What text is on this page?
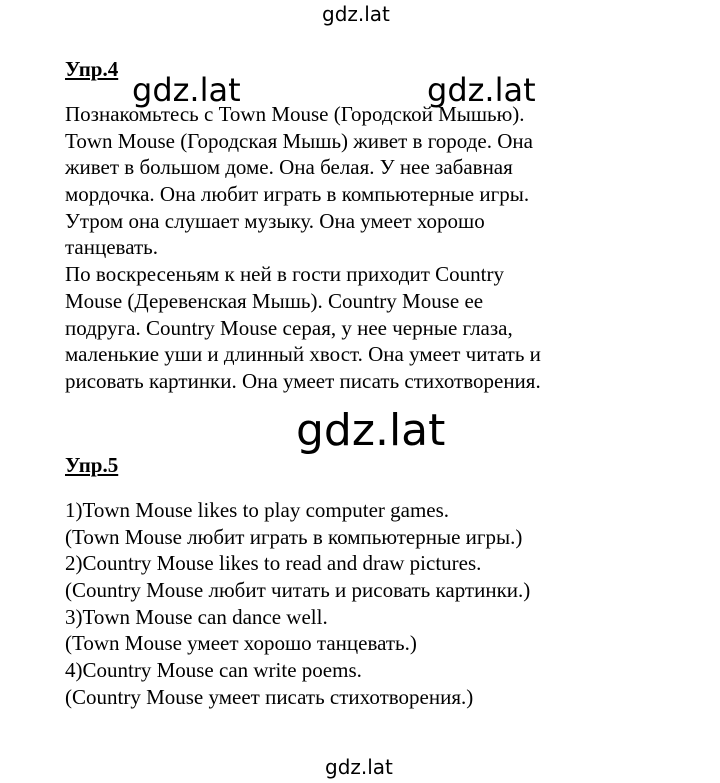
gdz.lat
gdz.lat	gdz.lat
gdz.lat
gdz.lat
Упр.4
Познакомьтесь с Town Mouse (Городской Мышью).
Town Mouse (Городская Мышь) живет в городе. Она
живет в большом доме. Она белая. У нее забавная
мордочка. Она любит играть в компьютерные игры.
Утром она слушает музыку. Она умеет хорошо
танцевать.
По воскресеньям к ней в гости приходит Country
Mouse (Деревенская Мышь). Country Mouse ее
подруга. Country Mouse серая, у нее черные глаза,
маленькие уши и длинный хвост. Она умеет читать и
рисовать картинки. Она умеет писать стихотворения.
Упр.5
1)Town Mouse likes to play computer games.
(Town Mouse любит играть в компьютерные игры.)
2)Country Mouse likes to read and draw pictures.
(Country Mouse любит читать и рисовать картинки.)
3)Town Mouse can dance well.
(Town Mouse умеет хорошо танцевать.)
4)Country Mouse can write poems.
(Country Mouse умеет писать стихотворения.)
